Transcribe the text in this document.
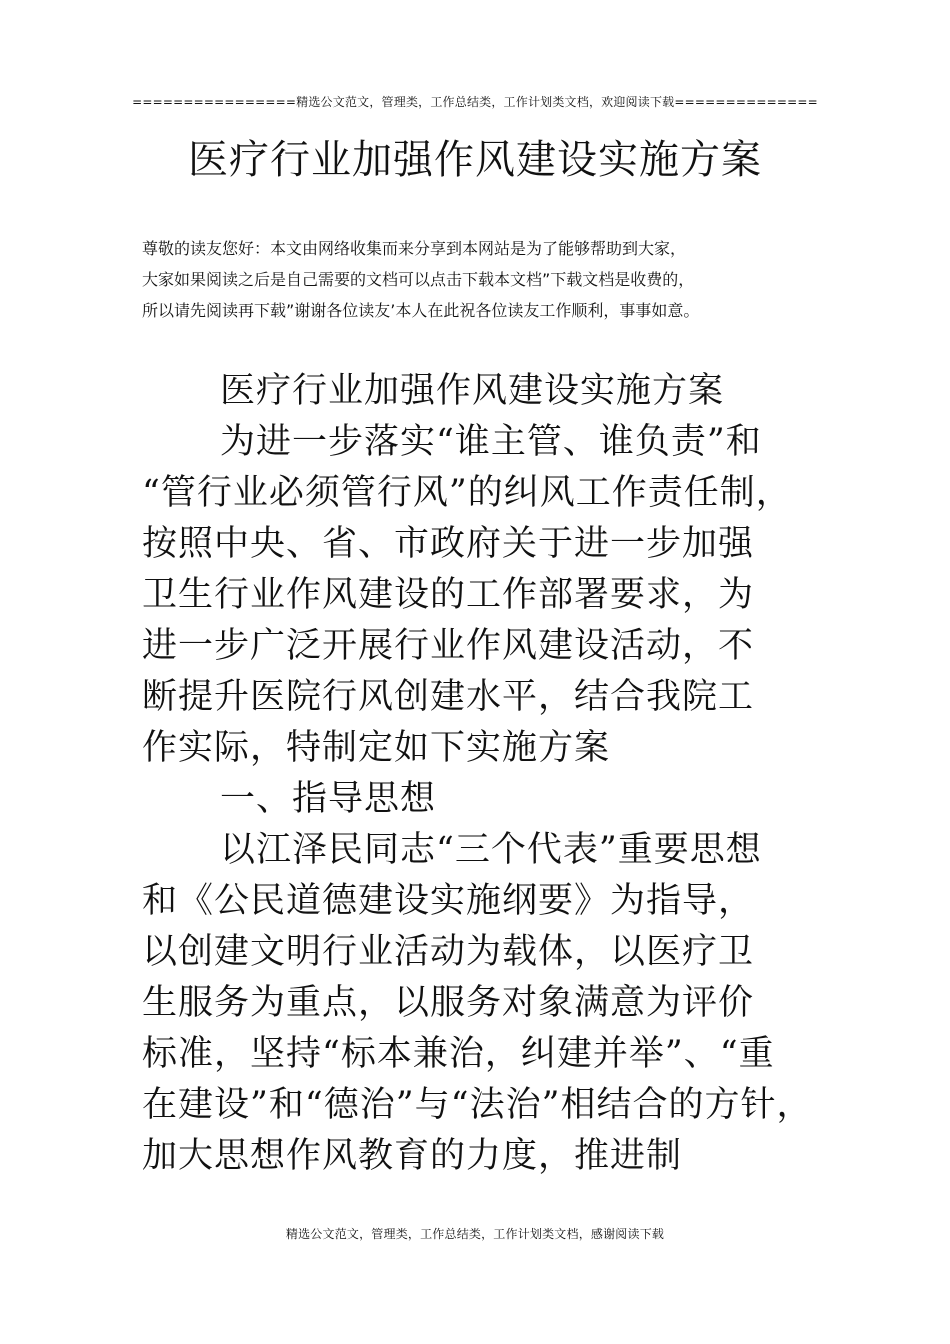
================精选公文范文，管理类，工作总结类，工作计划类文档，欢迎阅读下载==============
医疗行业加强作风建设实施方案
尊敬的读友您好：本文由网络收集而来分享到本网站是为了能够帮助到大家，
大家如果阅读之后是自己需要的文档可以点击下载本文档”下载文档是收费的，
所以请先阅读再下载”谢谢各位读友’本人在此祝各位读友工作顺利，事事如意。
医疗行业加强作风建设实施方案
为进一步落实“谁主管、谁负责”和
“管行业必须管行风”的纠风工作责任制，
按照中央、省、市政府关于进一步加强
卫生行业作风建设的工作部署要求，为
进一步广泛开展行业作风建设活动，不
断提升医院行风创建水平，结合我院工
作实际，特制定如下实施方案
一、指导思想
以江泽民同志“三个代表”重要思想
和《公民道德建设实施纲要》为指导，
以创建文明行业活动为载体，以医疗卫
生服务为重点，以服务对象满意为评价
标准，坚持“标本兼治，纠建并举”、“重
在建设”和“德治”与“法治”相结合的方针，
加大思想作风教育的力度，推进制
精选公文范文，管理类，工作总结类，工作计划类文档，感谢阅读下载
